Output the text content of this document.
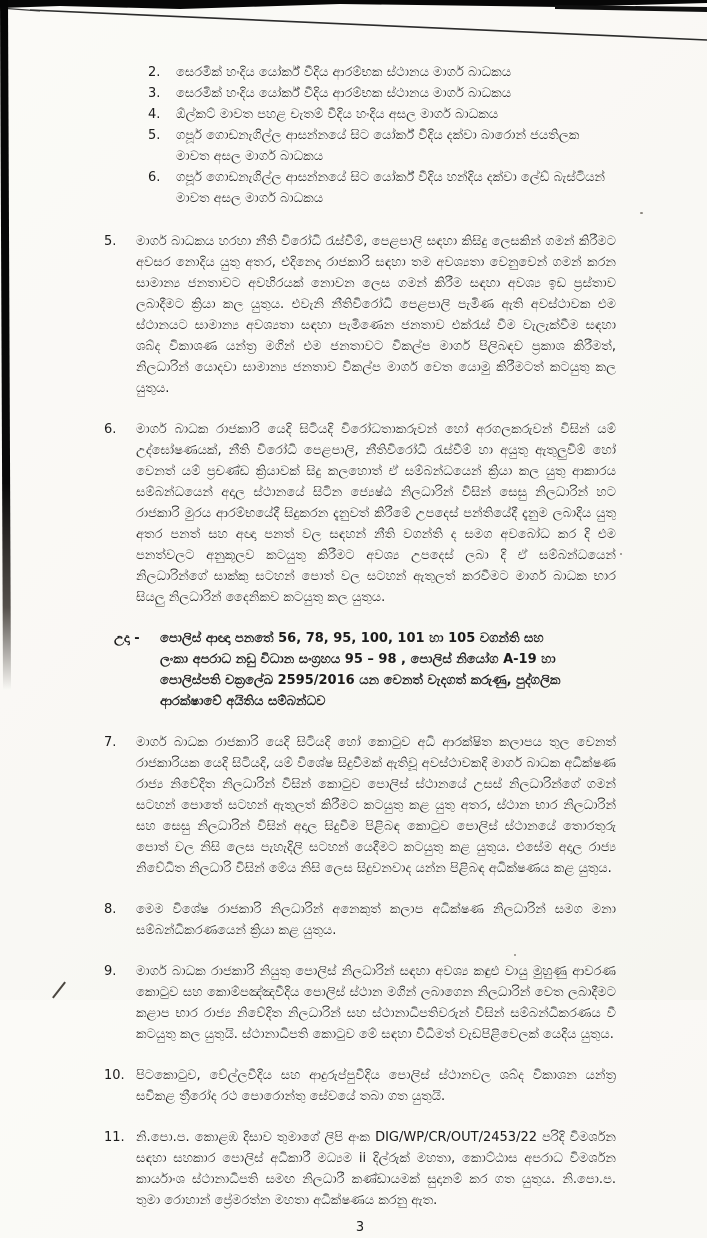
2.	සෙරමික් හංදිය යෝර්ක් වීදිය ආරම්භක ස්ථානය මාර්ග බාධකය
3.	සෙරමික් හංදිය යෝර්ක් වීදිය ආරම්භක ස්ථානය මාර්ග බාධකය
4.	ඕල්කට් මාවත පහළ චැතම් වීදිය හංදිය අසල මාර්ග බාධකය
5.	ගපූර් ගොඩනැගිල්ල ආසන්නයේ සිට යෝර්ක් වීදිය දක්වා බාරොන් ජයතිලක මාවත අසල මාර්ග බාධකය
6.	ගපූර් ගොඩනැගිල්ල ආසන්නයේ සිට යෝර්ක් වීදිය හන්දිය දක්වා ලේඩ් බැස්ටියන් මාවත අසල මාර්ග බාධකය
5.	මාර්ග බාධකය හරහා නීති විරෝධි රැස්වීම්, පෙළපාලි සඳහා කිසිදු ලෙසකින් ගමන් කිරීමට අවසර නොදිය යුතු අතර, එදිනෙදා රාජකාරි සඳහා තම අවශ්‍යතා වෙනුවෙන් ගමන් කරන සාමාන්‍ය ජනතාවට අවහිරයක් නොවන ලෙස ගමන් කිරීම සඳහා අවශ්‍ය ඉඩ ප්‍රස්තාව ලබාදීමට ක්‍රියා කල යුතුය. එවැනි නීතිවිරෝධි පෙළපාලි පැමිණ ඇති අවස්ථාවක එම ස්ථානයට සාමාන්‍ය අවශ්‍යතා සඳහා පැමිණෙන ජනතාව එක්රැස් වීම වැලැක්වීම සඳහා ශබ්ද විකාශණ යන්ත්‍ර මගින් එම ජනතාවට විකල්ප මාර්ග පිලිබඳව ප්‍රකාශ කිරීමත්, නිලධාරින් යොදවා සාමාන්‍ය ජනතාව විකල්ප මාර්ග වෙත යොමු කිරීමටත් කටයුතු කල යුතුය.
6.	මාර්ග බාධක රාජකාරි යෙදි සිටියදි විරෝධතාකරුවන් හෝ අරගලකරුවන් විසින් යම් උද්ඝෝෂණයක්, නීති විරෝධි පෙළපාලි, නීතිවිරෝධි රැස්වීම් හා අයුතු ඇතුලුවිම් හෝ වෙනත් යම් ප්‍රචණ්ඩ ක්‍රියාවක් සිදු කලහොත් ඒ සම්බන්ධයෙන් ක්‍රියා කල යුතු ආකාරය සම්බන්ධයෙන් අදාල ස්ථානයේ සිටින ජ්‍යෙෂ්ඨ නිලධාරින් විසින් සෙසු නිලධාරින් හට රාජකාරි මුරය ආරම්භයේදී සිදුකරන දැනුවත් කිරීමේ උපදෙස් පන්තියේදී දැනුම ලබාදිය යුතු අතර පනත් සහ අඥා පනත් වල සඳහන් නීති වගන්ති ද සමග අවබෝධ කර දි එම පනත්වලට අනුකූලව කටයුතු කිරීමට අවශ්‍ය උපදෙස් ලබා දි ඒ සම්බන්ධයෙන් නිලධාරින්ගේ සාක්කු සටහන් පොත් වල සටහන් ඇතුලත් කරවීමට මාර්ග බාධක භාර සියලු නිලධාරින් දෛනිකව කටයුතු කල යුතුය.
උදා -	පොලිස් ආඥා පනතේ 56, 78, 95, 100, 101 හා 105 වගන්ති සහ ලංකා අපරාධ නඩු විධාන සංග්‍රහය 95 – 98 , පොලිස් නියෝග A-19 හා පොලිස්පති චක්‍රලේඛ 2595/2016 යන වෙනත් වැදගත් කරුණු, පුද්ගලික ආරක්ෂාවේ අයිතිය සම්බන්ධව
7.	මාර්ග බාධක රාජකාරි යෙදි සිටියදි හෝ කොටුව අධි ආරක්ෂිත කලාපය තුල වෙනත් රාජකාරියක යෙදි සිටියදි, යම් විශේෂ සිදුවීමක් ඇතිවූ අවස්ථාවකදි මාර්ග බාධක අධික්ෂණ රාජ්‍ය නිවේදිත නිලධාරින් විසින් කොටුව පොලිස් ස්ථානයේ උසස් නිලධාරින්ගේ ගමන් සටහන් පොතේ සටහන් ඇතුලත් කිරීමට කටයුතු කළ යුතු අතර, ස්ථාන භාර නිලධාරින් සහ සෙසු නිලධාරින් විසින් අදාල සිදුවීම පිළිබඳ කොටුව පොලිස් ස්ථානයේ තොරතුරු පොත් වල නිසි ලෙස පැහැදිලි සටහන් යෙදීමට කටයුතු කළ යුතුය. එසේම අදාල රාජ්‍ය නිවේධිත නිලධාරි විසින් මේය නිසි ලෙස සිදුවනවාද යන්න පිළිබඳ අධික්ෂණය කළ යුතුය.
8.	මෙම විශේෂ රාජකාරි නිලධාරින් අනෙකුත් කලාප අධික්ෂණ නිලධාරින් සමග මනා සම්බන්ධිකරණයෙන් ක්‍රියා කළ යුතුය.
9.	මාර්ග බාධක රාජකාරි නියුතු පොලිස් නිලධාරින් සඳහා අවශ්‍ය කඳුළු වායු මුහුණු ආවරණ කොටුව සහ කොම්පඤ්ඤවීදිය පොලිස් ස්ථාන මගින් ලබාගෙන නිලධාරින් වෙත ලබාදීමට කළාප භාර රාජ්‍ය නිවේදිත නිලධාරින් සහ ස්ථානාධිපතිවරුන් විසින් සම්බන්ධිකරණය වී කටයුතු කල යුතුයි. ස්ථානාධිපති කොටුව මේ සඳහා විධිමත් වැඩපිළිවෙලක් යෙදිය යුතුය.
10. පිටකොටුව, වේල්ලවීදිය සහ ආදුරුප්පුවීදිය පොලිස් ස්ථානවල ශබ්ද විකාශන යන්ත්‍ර සවිකළ ත්‍රීරෝද රථ පොරොන්තු සේවයේ තබා ගත යුතුයි.
11. නි.පො.ප. කොළඹ දිසාව තුමාගේ ලිපි අංක DIG/WP/CR/OUT/2453/22 පරිදි විමර්ශන සඳහා සහකාර පොලිස් අධිකාරී මධ්‍යම ii දිල්රුක් මහතා, කොට්ඨාස අපරාධ විමර්ශන කාර්යාංශ ස්ථානාධිපති සමඟ නිලධාරී කණ්ඩායමක් සුදානම් කර ගත යුතුය. නි.පො.ප. තුමා රොහාන් ප්‍රේමරත්න මහතා අධික්ෂණය කරනු ඇත.
3
